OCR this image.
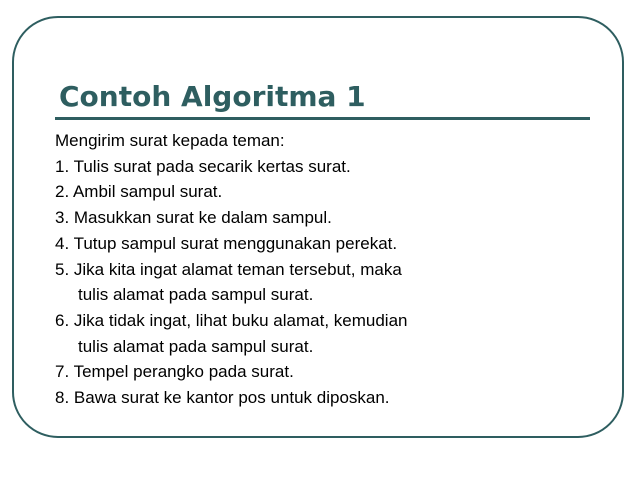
Contoh Algoritma 1
Mengirim surat kepada teman:
1. Tulis surat pada secarik kertas surat.
2. Ambil sampul surat.
3. Masukkan surat ke dalam sampul.
4. Tutup sampul surat menggunakan perekat.
5. Jika kita ingat alamat teman tersebut, maka
tulis alamat pada sampul surat.
6. Jika tidak ingat, lihat buku alamat, kemudian
tulis alamat pada sampul surat.
7. Tempel perangko pada surat.
8. Bawa surat ke kantor pos untuk diposkan.
